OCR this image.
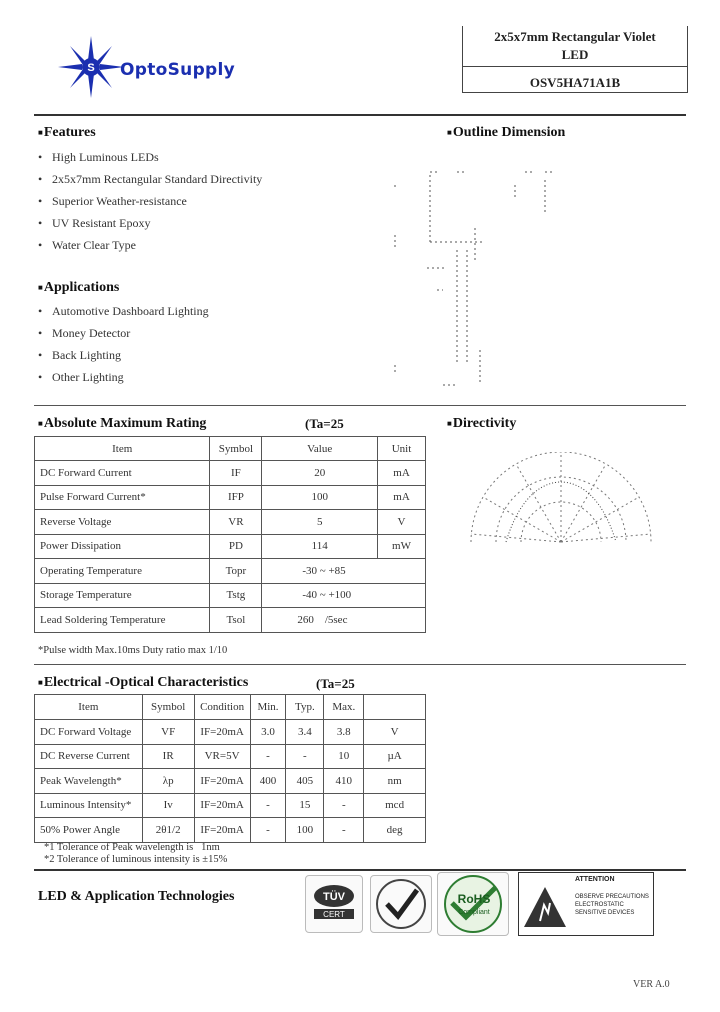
S OptoSupply
2x5x7mm Rectangular Violet
LED
OSV5HA71A1B
■Features
• High Luminous LEDs
• 2x5x7mm Rectangular Standard Directivity
• Superior Weather-resistance
• UV Resistant Epoxy
• Water Clear Type
■Applications
• Automotive Dashboard Lighting
• Money Detector
• Back Lighting
• Other Lighting
■Outline Dimension
■Absolute Maximum Rating	(Ta=25
Item	Symbol	Value	Unit
DC Forward Current	IF	20	mA
Pulse Forward Current*	IFP	100	mA
Reverse Voltage	VR	5	V
Power Dissipation	PD	114	mW
Operating Temperature	Topr	-30 ~ +85	
Storage Temperature	Tstg	-40 ~ +100	
Lead Soldering Temperature	Tsol	260    /5sec	
*Pulse width Max.10ms Duty ratio max 1/10
■Directivity
■Electrical -Optical Characteristics	(Ta=25
Item	Symbol	Condition	Min.	Typ.	Max.	
DC Forward Voltage	VF	IF=20mA	3.0	3.4	3.8	V
DC Reverse Current	IR	VR=5V	-	-	10	µA
Peak Wavelength*	λp	IF=20mA	400	405	410	nm
Luminous Intensity*	Iv	IF=20mA	-	15	-	mcd
50% Power Angle	2θ1/2	IF=20mA	-	100	-	deg
*1 Tolerance of Peak wavelength is   1nm
*2 Tolerance of luminous intensity is ±15%
LED & Application Technologies	TÜV
CERT
RoHS
Compliant
ATTENTION
OBSERVE PRECAUTIONS
ELECTROSTATIC
SENSITIVE DEVICES
VER A.0
